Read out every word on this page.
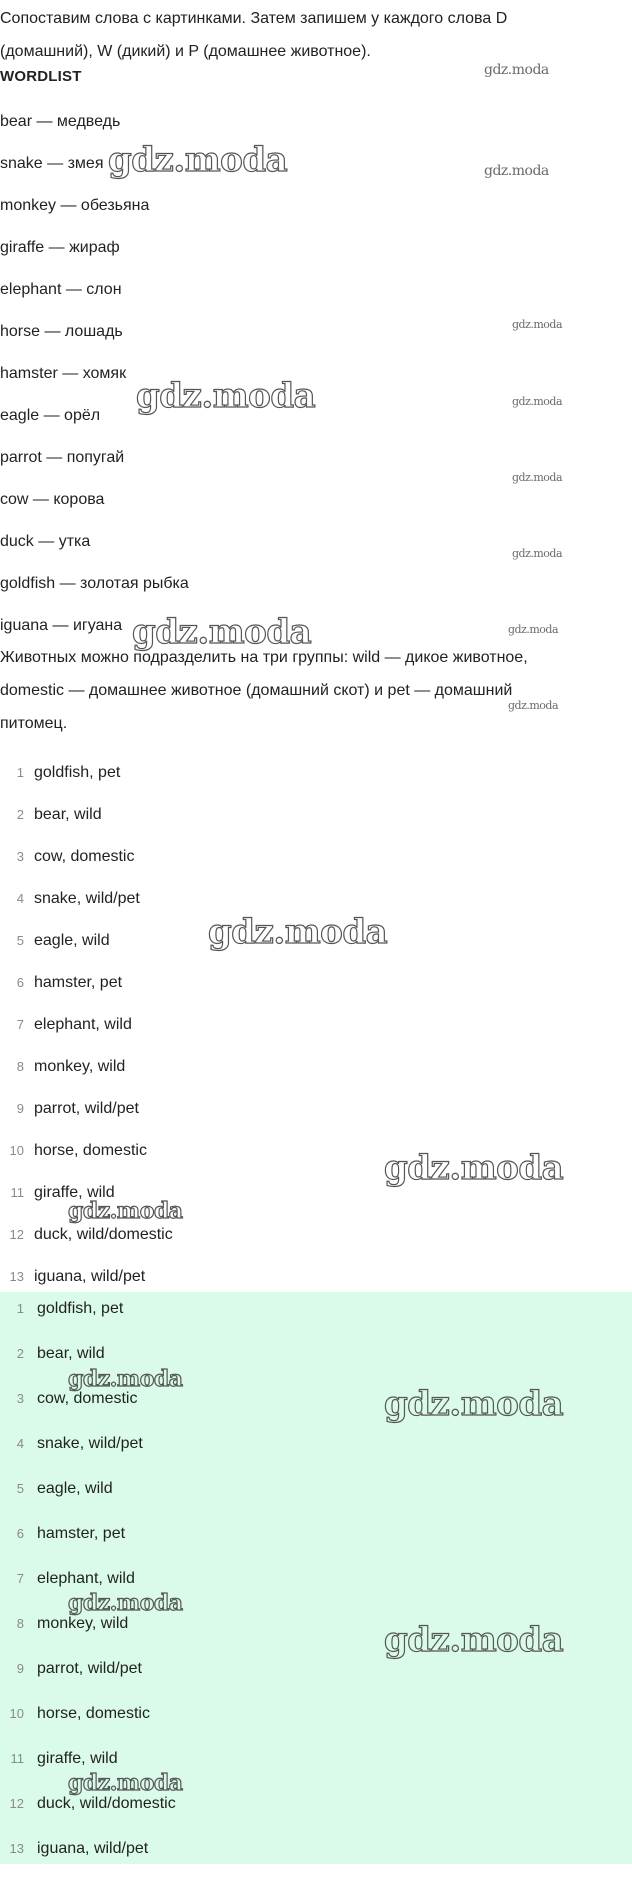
Сопоставим слова с картинками. Затем запишем у каждого слова D (домашний), W (дикий) и P (домашнее животное).
WORDLIST
bear — медведь
snake — змея
monkey — обезьяна
giraffe — жираф
elephant — слон
horse — лошадь
hamster — хомяк
eagle — орёл
parrot — попугай
cow — корова
duck — утка
goldfish — золотая рыбка
iguana — игуана
Животных можно подразделить на три группы: wild — дикое животное, domestic — домашнее животное (домашний скот) и pet — домашний питомец.
1 goldfish, pet
2 bear, wild
3 cow, domestic
4 snake, wild/pet
5 eagle, wild
6 hamster, pet
7 elephant, wild
8 monkey, wild
9 parrot, wild/pet
10 horse, domestic
11 giraffe, wild
12 duck, wild/domestic
13 iguana, wild/pet
1 goldfish, pet
2 bear, wild
3 cow, domestic
4 snake, wild/pet
5 eagle, wild
6 hamster, pet
7 elephant, wild
8 monkey, wild
9 parrot, wild/pet
10 horse, domestic
11 giraffe, wild
12 duck, wild/domestic
13 iguana, wild/pet
gdz.moda
gdz.moda	gdz.moda
gdz.moda
gdz.moda	gdz.moda
gdz.moda
gdz.moda
gdz.moda	gdz.moda
gdz.moda
gdz.moda
gdz.moda
gdz.moda
